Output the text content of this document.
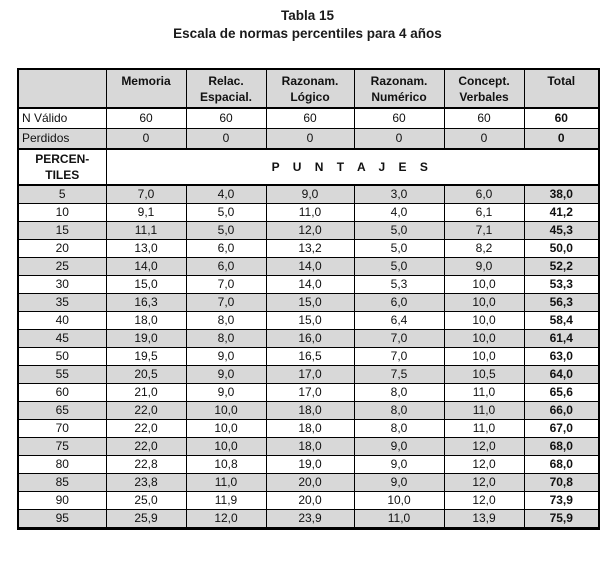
Tabla 15
Escala de normas percentiles para 4 años
	Memoria	Relac. Espacial.	Razonam. Lógico	Razonam. Numérico	Concept. Verbales	Total
N Válido	60	60	60	60	60	60
Perdidos	0	0	0	0	0	0
PERCEN-
TILES	P U N T A J E S					
5	7,0	4,0	9,0	3,0	6,0	38,0
10	9,1	5,0	11,0	4,0	6,1	41,2
15	11,1	5,0	12,0	5,0	7,1	45,3
20	13,0	6,0	13,2	5,0	8,2	50,0
25	14,0	6,0	14,0	5,0	9,0	52,2
30	15,0	7,0	14,0	5,3	10,0	53,3
35	16,3	7,0	15,0	6,0	10,0	56,3
40	18,0	8,0	15,0	6,4	10,0	58,4
45	19,0	8,0	16,0	7,0	10,0	61,4
50	19,5	9,0	16,5	7,0	10,0	63,0
55	20,5	9,0	17,0	7,5	10,5	64,0
60	21,0	9,0	17,0	8,0	11,0	65,6
65	22,0	10,0	18,0	8,0	11,0	66,0
70	22,0	10,0	18,0	8,0	11,0	67,0
75	22,0	10,0	18,0	9,0	12,0	68,0
80	22,8	10,8	19,0	9,0	12,0	68,0
85	23,8	11,0	20,0	9,0	12,0	70,8
90	25,0	11,9	20,0	10,0	12,0	73,9
95	25,9	12,0	23,9	11,0	13,9	75,9
